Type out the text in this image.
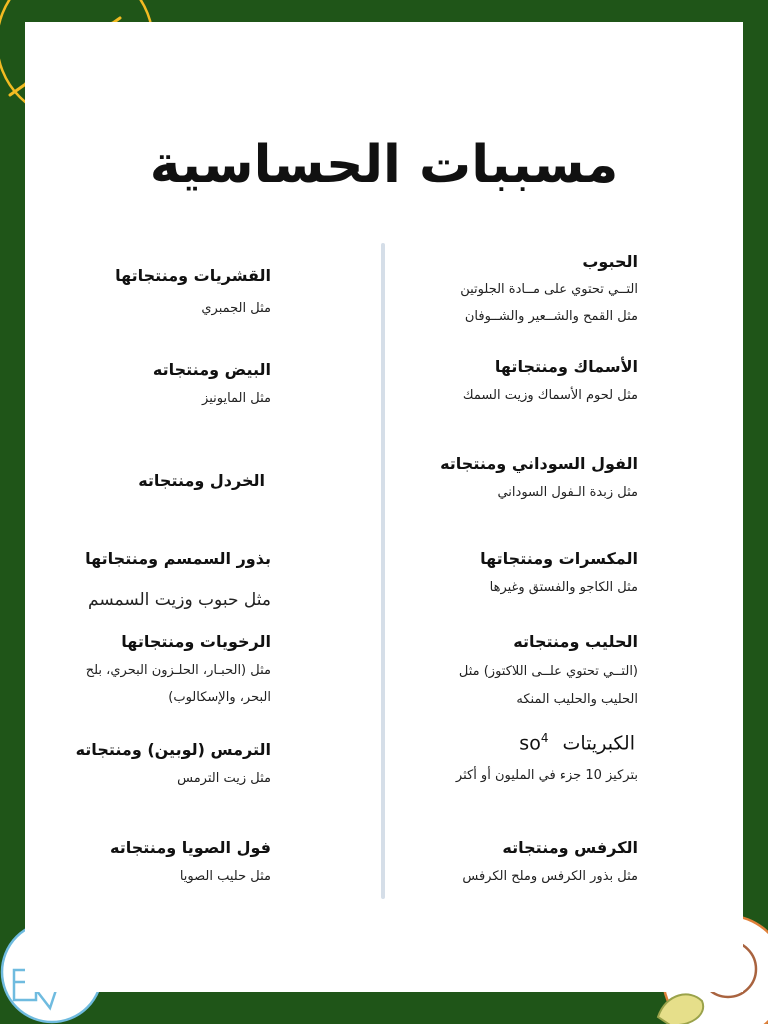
مسببات الحساسية
الحبوب
التــي تحتوي على مــادة الجلوتين
مثل القمح والشــعير والشــوفان
الأسماك ومنتجاتها
مثل لحوم الأسماك وزيت السمك
الفول السوداني ومنتجاته
مثل زبدة الـفول السوداني
المكسرات ومنتجاتها
مثل الكاجو والفستق وغيرها
الحليب ومنتجاته
(التــي تحتوي علــى اللاكتوز) مثل
الحليب والحليب المنكه
الكبريتات $so^4$
بتركيز 10 جزء في المليون أو أكثر
الكرفس ومنتجاته
مثل بذور الكرفس وملح الكرفس
القشريات ومنتجاتها
مثل الجمبري
البيض ومنتجاته
مثل المايونيز
الخردل ومنتجاته
بذور السمسم ومنتجاتها
مثل حبوب وزيت السمسم
الرخويات ومنتجاتها
مثل (الحبـار، الحلـزون البحري، بلح
البحر، والإسكالوب)
الترمس (لوبين) ومنتجاته
مثل زيت الترمس
فول الصويا ومنتجاته
مثل حليب الصويا
